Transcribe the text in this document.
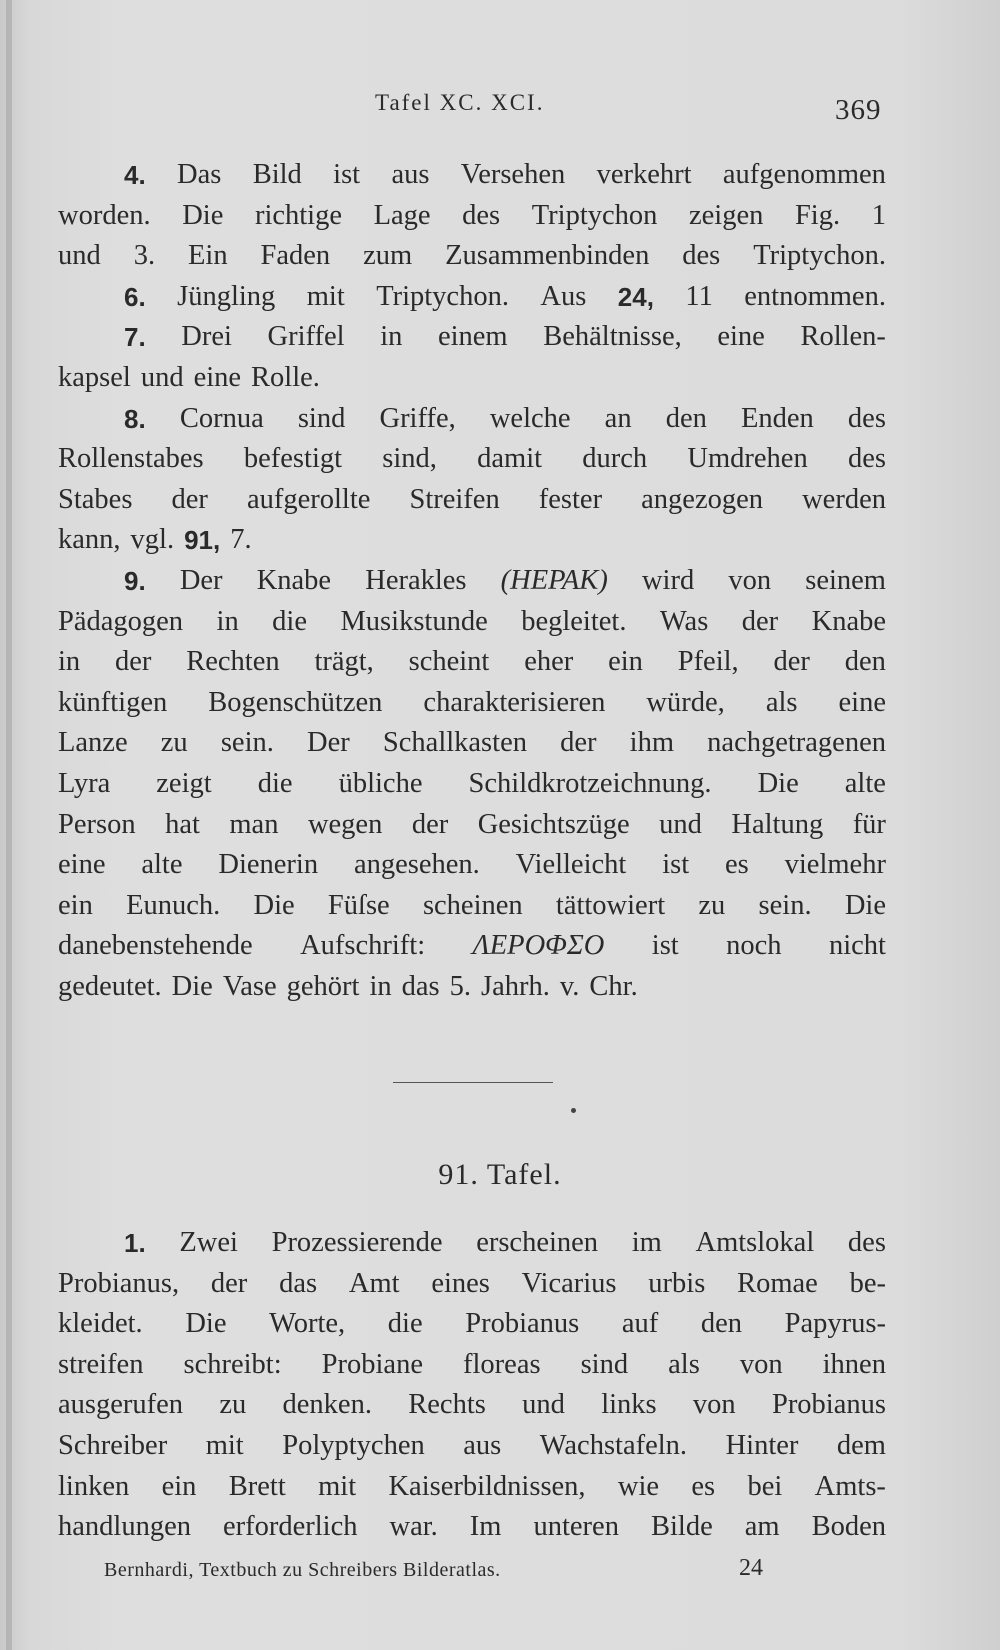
Tafel XC. XCI.	369
4. Das Bild ist aus Versehen verkehrt aufgenommen
worden. Die richtige Lage des Triptychon zeigen Fig. 1
und 3. Ein Faden zum Zusammenbinden des Triptychon.
6. Jüngling mit Triptychon. Aus 24, 11 entnommen.
7. Drei Griffel in einem Behältnisse, eine Rollen-
kapsel und eine Rolle.
8. Cornua sind Griffe, welche an den Enden des
Rollenstabes befestigt sind, damit durch Umdrehen des
Stabes der aufgerollte Streifen fester angezogen werden
kann, vgl. 91, 7.
9. Der Knabe Herakles (ΗΕΡΑΚ) wird von seinem
Pädagogen in die Musikstunde begleitet. Was der Knabe
in der Rechten trägt, scheint eher ein Pfeil, der den
künftigen Bogenschützen charakterisieren würde, als eine
Lanze zu sein. Der Schallkasten der ihm nachgetragenen
Lyra zeigt die übliche Schildkrotzeichnung. Die alte
Person hat man wegen der Gesichtszüge und Haltung für
eine alte Dienerin angesehen. Vielleicht ist es vielmehr
ein Eunuch. Die Füſse scheinen tättowiert zu sein. Die
danebenstehende Aufschrift: ΛΕΡΟΦΣΟ ist noch nicht
gedeutet. Die Vase gehört in das 5. Jahrh. v. Chr.
91. Tafel.
1. Zwei Prozessierende erscheinen im Amtslokal des
Probianus, der das Amt eines Vicarius urbis Romae be-
kleidet. Die Worte, die Probianus auf den Papyrus-
streifen schreibt: Probiane floreas sind als von ihnen
ausgerufen zu denken. Rechts und links von Probianus
Schreiber mit Polyptychen aus Wachstafeln. Hinter dem
linken ein Brett mit Kaiserbildnissen, wie es bei Amts-
handlungen erforderlich war. Im unteren Bilde am Boden
Bernhardi, Textbuch zu Schreibers Bilderatlas.	24
